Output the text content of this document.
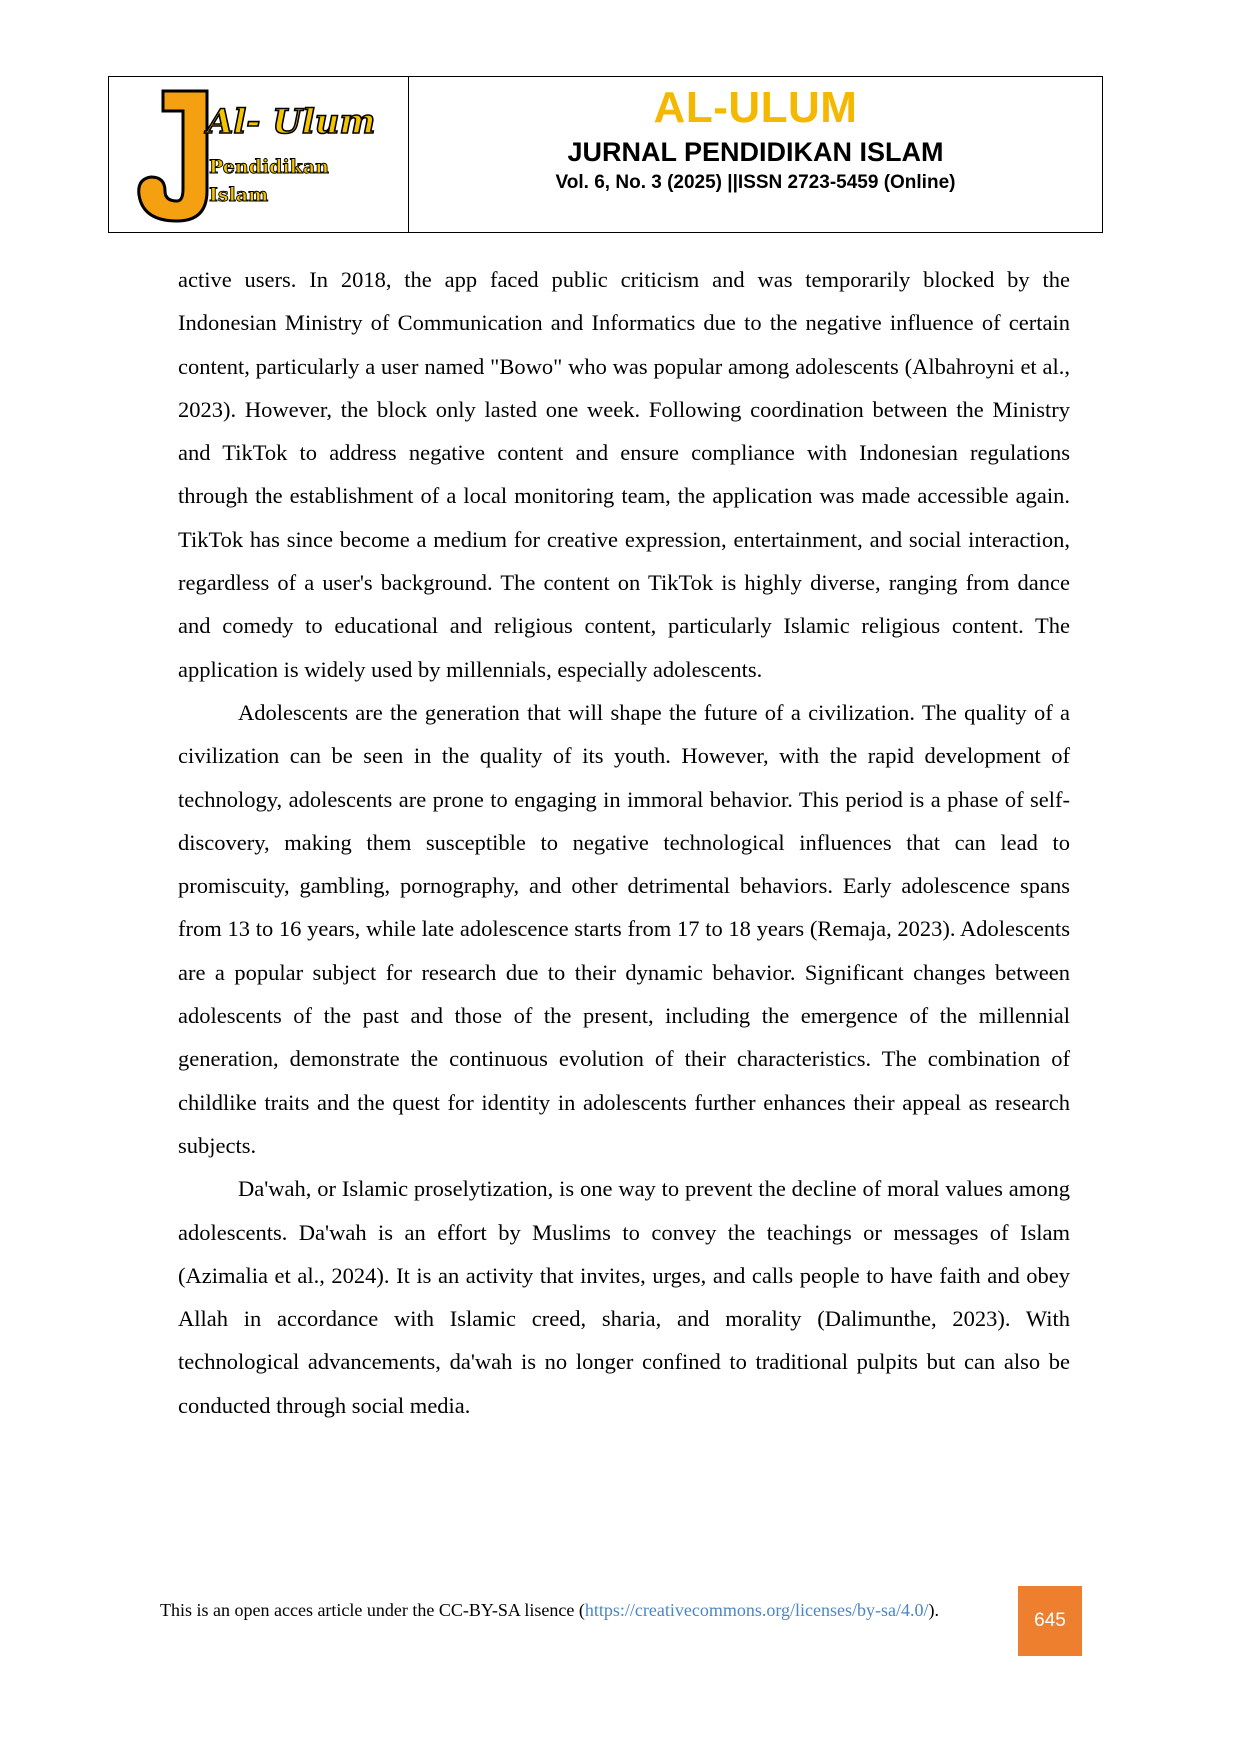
Al- Ulum
Pendidikan
Islam
AL-ULUM
JURNAL PENDIDIKAN ISLAM
Vol. 6, No. 3 (2025) ||ISSN 2723-5459 (Online)

active users. In 2018, the app faced public criticism and was temporarily blocked by the Indonesian Ministry of Communication and Informatics due to the negative influence of certain content, particularly a user named "Bowo" who was popular among adolescents (Albahroyni et al., 2023). However, the block only lasted one week. Following coordination between the Ministry and TikTok to address negative content and ensure compliance with Indonesian regulations through the establishment of a local monitoring team, the application was made accessible again. TikTok has since become a medium for creative expression, entertainment, and social interaction, regardless of a user's background. The content on TikTok is highly diverse, ranging from dance and comedy to educational and religious content, particularly Islamic religious content. The application is widely used by millennials, especially adolescents.

Adolescents are the generation that will shape the future of a civilization. The quality of a civilization can be seen in the quality of its youth. However, with the rapid development of technology, adolescents are prone to engaging in immoral behavior. This period is a phase of self-discovery, making them susceptible to negative technological influences that can lead to promiscuity, gambling, pornography, and other detrimental behaviors. Early adolescence spans from 13 to 16 years, while late adolescence starts from 17 to 18 years (Remaja, 2023). Adolescents are a popular subject for research due to their dynamic behavior. Significant changes between adolescents of the past and those of the present, including the emergence of the millennial generation, demonstrate the continuous evolution of their characteristics. The combination of childlike traits and the quest for identity in adolescents further enhances their appeal as research subjects.

Da'wah, or Islamic proselytization, is one way to prevent the decline of moral values among adolescents. Da'wah is an effort by Muslims to convey the teachings or messages of Islam (Azimalia et al., 2024). It is an activity that invites, urges, and calls people to have faith and obey Allah in accordance with Islamic creed, sharia, and morality (Dalimunthe, 2023). With technological advancements, da'wah is no longer confined to traditional pulpits but can also be conducted through social media.

This is an open acces article under the CC-BY-SA lisence (https://creativecommons.org/licenses/by-sa/4.0/).	645
